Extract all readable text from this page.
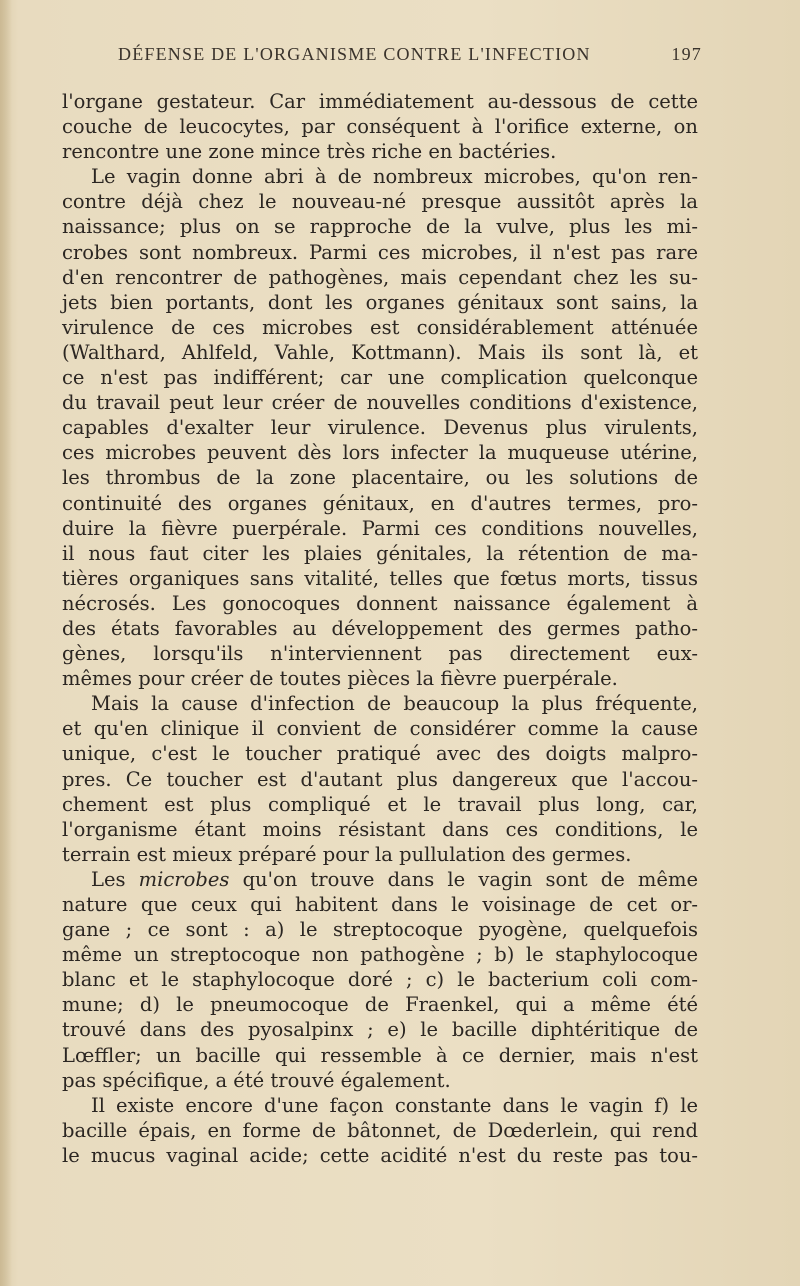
DÉFENSE DE L'ORGANISME CONTRE L'INFECTION	197
l'organe gestateur. Car immédiatement au-dessous de cette
couche de leucocytes, par conséquent à l'orifice externe, on
rencontre une zone mince très riche en bactéries.
Le vagin donne abri à de nombreux microbes, qu'on ren-
contre déjà chez le nouveau-né presque aussitôt après la
naissance; plus on se rapproche de la vulve, plus les mi-
crobes sont nombreux. Parmi ces microbes, il n'est pas rare
d'en rencontrer de pathogènes, mais cependant chez les su-
jets bien portants, dont les organes génitaux sont sains, la
virulence de ces microbes est considérablement atténuée
(Walthard, Ahlfeld, Vahle, Kottmann). Mais ils sont là, et
ce n'est pas indifférent; car une complication quelconque
du travail peut leur créer de nouvelles conditions d'existence,
capables d'exalter leur virulence. Devenus plus virulents,
ces microbes peuvent dès lors infecter la muqueuse utérine,
les thrombus de la zone placentaire, ou les solutions de
continuité des organes génitaux, en d'autres termes, pro-
duire la fièvre puerpérale. Parmi ces conditions nouvelles,
il nous faut citer les plaies génitales, la rétention de ma-
tières organiques sans vitalité, telles que fœtus morts, tissus
nécrosés. Les gonocoques donnent naissance également à
des états favorables au développement des germes patho-
gènes, lorsqu'ils n'interviennent pas directement eux-
mêmes pour créer de toutes pièces la fièvre puerpérale.
Mais la cause d'infection de beaucoup la plus fréquente,
et qu'en clinique il convient de considérer comme la cause
unique, c'est le toucher pratiqué avec des doigts malpro-
pres. Ce toucher est d'autant plus dangereux que l'accou-
chement est plus compliqué et le travail plus long, car,
l'organisme étant moins résistant dans ces conditions, le
terrain est mieux préparé pour la pullulation des germes.
Les microbes qu'on trouve dans le vagin sont de même
nature que ceux qui habitent dans le voisinage de cet or-
gane ; ce sont : a) le streptocoque pyogène, quelquefois
même un streptocoque non pathogène ; b) le staphylocoque
blanc et le staphylocoque doré ; c) le bacterium coli com-
mune; d) le pneumocoque de Fraenkel, qui a même été
trouvé dans des pyosalpinx ; e) le bacille diphtéritique de
Lœffler; un bacille qui ressemble à ce dernier, mais n'est
pas spécifique, a été trouvé également.
Il existe encore d'une façon constante dans le vagin f) le
bacille épais, en forme de bâtonnet, de Dœderlein, qui rend
le mucus vaginal acide; cette acidité n'est du reste pas tou-
